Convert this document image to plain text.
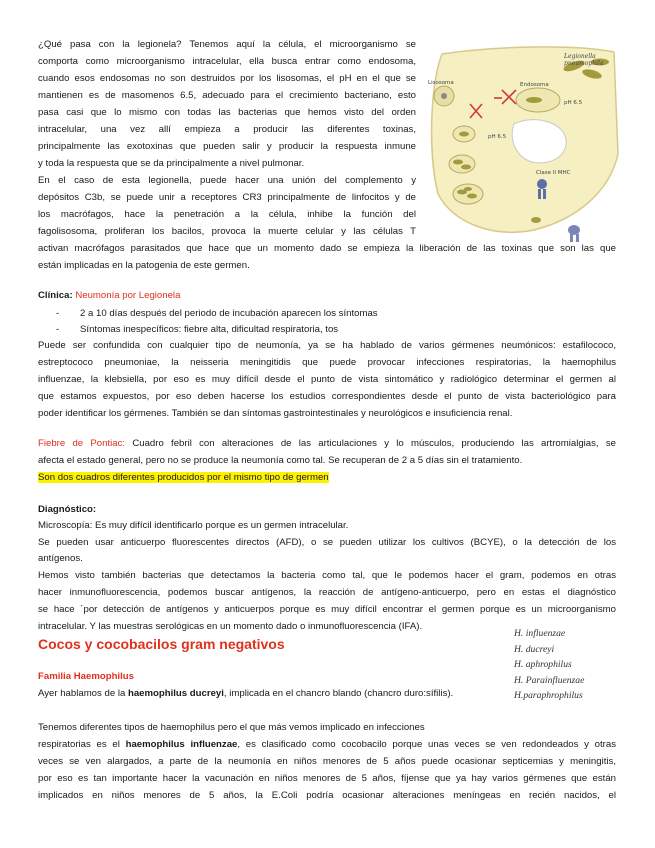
¿Qué pasa con la legionela? Tenemos aquí la célula, el microorganismo se

comporta como microorganismo intracelular, ella busca entrar como endosoma,

cuando esos endosomas no son destruidos por los lisosomas, el pH en el que se

mantienen es de masomenos 6.5, adecuado para el crecimiento bacteriano, esto

pasa casi que lo mismo con todas las bacterias que hemos visto del orden

intracelular, una vez allí empieza a producir las diferentes toxinas,

principalmente las exotoxinas que pueden salir y producir la respuesta inmune

y toda la respuesta que se da principalmente a nivel pulmonar.

En el caso de esta legionella, puede hacer una unión del complemento y

depósitos C3b, se puede unir a receptores CR3 principalmente de linfocitos y de

los macrófagos, hace la penetración a la célula, inhibe la función del

fagolisosoma, proliferan los bacilos, provoca la muerte celular y las células T

activan macrófagos parasitados que hace que un momento dado se empieza la liberación de las toxinas que son las que

están implicadas en la patogenia de este germen.

Legionella
pneumophila
Endosoma
pH 6.5
Lisosoma
pH 6.5
Clase II MHC

Clínica: Neumonía por Legionela

- 2 a 10 días después del periodo de incubación aparecen los síntomas
- Síntomas inespecíficos: fiebre alta, dificultad respiratoria, tos

Puede ser confundida con cualquier tipo de neumonía, ya se ha hablado de varios gérmenes neumónicos: estafilococo,

estreptococo pneumoniae, la neisseria meningitidis que puede provocar infecciones respiratorias, la haemophilus

influenzae, la klebsiella, por eso es muy difícil desde el punto de vista sintomático y radiológico determinar el germen al

que estamos expuestos, por eso deben hacerse los estudios correspondientes desde el punto de vista bacteriológico para

poder identificar los gérmenes. También se dan síntomas gastrointestinales y neurológicos e insuficiencia renal.

Fiebre de Pontiac: Cuadro febril con alteraciones de las articulaciones y lo músculos, produciendo las artromialgias, se

afecta el estado general, pero no se produce la neumonía como tal. Se recuperan de 2 a 5 días sin el tratamiento.

Son dos cuadros diferentes producidos por el mismo tipo de germen

Diagnóstico:

Microscopía: Es muy difícil identificarlo porque es un germen intracelular.

Se pueden usar anticuerpo fluorescentes directos (AFD), o se pueden utilizar los cultivos (BCYE), o la detección de los

antígenos.

Hemos visto también bacterias que detectamos la bacteria como tal, que le podemos hacer el gram, podemos en otras

hacer inmunofluorescencia, podemos buscar antígenos, la reacción de antígeno-anticuerpo, pero en estas el diagnóstico

se hace ´por detección de antígenos y anticuerpos porque es muy difícil encontrar el germen porque es un microorganismo

intracelular. Y las muestras serológicas en un momento dado o inmunofluorescencia (IFA).

H. influenzae
H. ducreyi
H. aphrophilus
H. Parainfluenzae
H.paraphrophilus
Cocos y cocobacilos gram negativos

Familia Haemophilus

Ayer hablamos de la haemophilus ducreyi, implicada en el chancro blando (chancro duro:sífilis).

Tenemos diferentes tipos de haemophilus pero el que más vemos implicado en infecciones

respiratorias es el haemophilus influenzae, es clasificado como cocobacilo porque unas veces se ven redondeados y otras

veces se ven alargados, a parte de la neumonía en niños menores de 5 años puede ocasionar septicemias y meningitis,

por eso es tan importante hacer la vacunación en niños menores de 5 años, fíjense que ya hay varios gérmenes que están

implicados en niños menores de 5 años, la E.Coli podría ocasionar alteraciones meníngeas en recién nacidos, el
